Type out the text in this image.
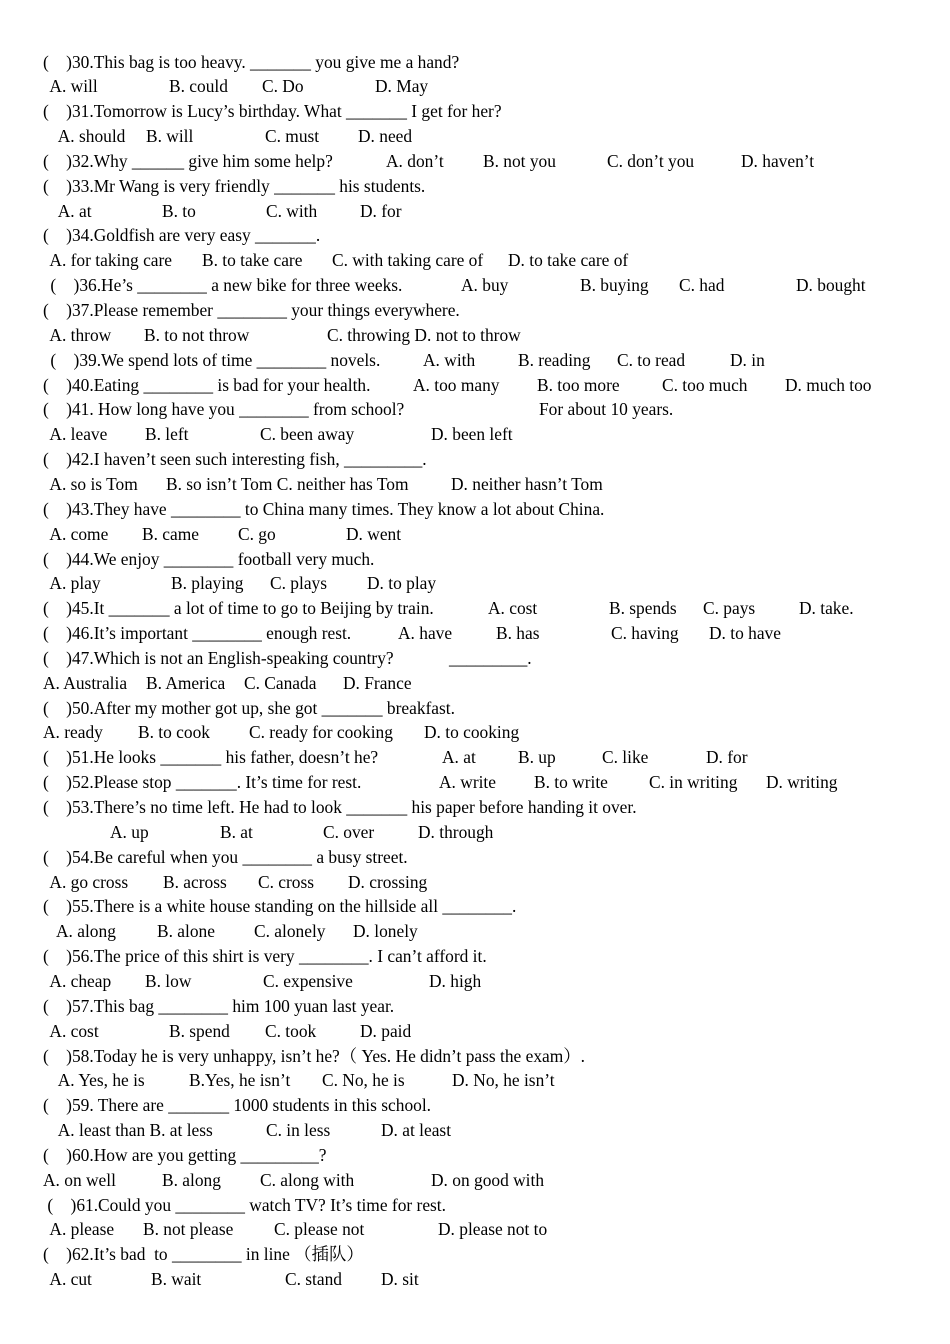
(    )30.This bag is too heavy. _______ you give me a hand?
A. will	B. could C. Do	D. May
(    )31.Tomorrow is Lucy’s birthday. What _______ I get for her?
A. should B. will	C. must D. need
(    )32.Why ______ give him some help?	A. don’t B. not you	C. don’t you	D. haven’t
(    )33.Mr Wang is very friendly _______ his students.
A. at	B. to	C. with D. for
(    )34.Goldfish are very easy _______.
A. for taking care B. to take care C. with taking care of D. to take care of
(    )36.He’s ________ a new bike for three weeks.	A. buy	B. buying C. had	D. bought
(    )37.Please remember ________ your things everywhere.
A. throw B. to not throw	C. throwing D. not to throw
(    )39.We spend lots of time ________ novels. A. with B. reading C. to read	D. in
(    )40.Eating ________ is bad for your health. A. too many B. too more C. too much D. much too
(    )41. How long have you ________ from school?	For about 10 years.
A. leave B. left	C. been away	D. been left
(    )42.I haven’t seen such interesting fish, _________.
A. so is Tom B. so isn’t Tom C. neither has Tom D. neither hasn’t Tom
(    )43.They have ________ to China many times. They know a lot about China.
A. come B. came C. go	D. went
(    )44.We enjoy ________ football very much.
A. play	B. playing C. plays D. to play
(    )45.It _______ a lot of time to go to Beijing by train.	A. cost	B. spends C. pays	D. take.
(    )46.It’s important ________ enough rest.	A. have	B. has	C. having D. to have
(    )47.Which is not an English-speaking country?	_________.
A. Australia B. America C. Canada D. France
(    )50.After my mother got up, she got _______ breakfast.
A. ready B. to cook C. ready for cooking D. to cooking
(    )51.He looks _______ his father, doesn’t he?	A. at B. up	C. like	D. for
(    )52.Please stop _______. It’s time for rest.	A. write B. to write C. in writing D. writing
(    )53.There’s no time left. He had to look _______ his paper before handing it over.
A. up	B. at	C. over	D. through
(    )54.Be careful when you ________ a busy street.
A. go cross B. across C. cross D. crossing
(    )55.There is a white house standing on the hillside all ________.
A. along B. alone C. alonely D. lonely
(    )56.The price of this shirt is very ________. I can’t afford it.
A. cheap B. low	C. expensive	D. high
(    )57.This bag ________ him 100 yuan last year.
A. cost	B. spend C. took	D. paid
(    )58.Today he is very unhappy, isn’t he?（ Yes. He didn’t pass the exam）.
A. Yes, he is	B.Yes, he isn’t C. No, he is	D. No, he isn’t
(    )59. There are _______ 1000 students in this school.
A. least than B. at less	C. in less	D. at least
(    )60.How are you getting _________?
A. on well	B. along C. along with	D. on good with
(    )61.Could you ________ watch TV? It’s time for rest.
A. please B. not please C. please not	D. please not to
(    )62.It’s bad  to ________ in line （插队）
A. cut	B. wait	C. stand D. sit
